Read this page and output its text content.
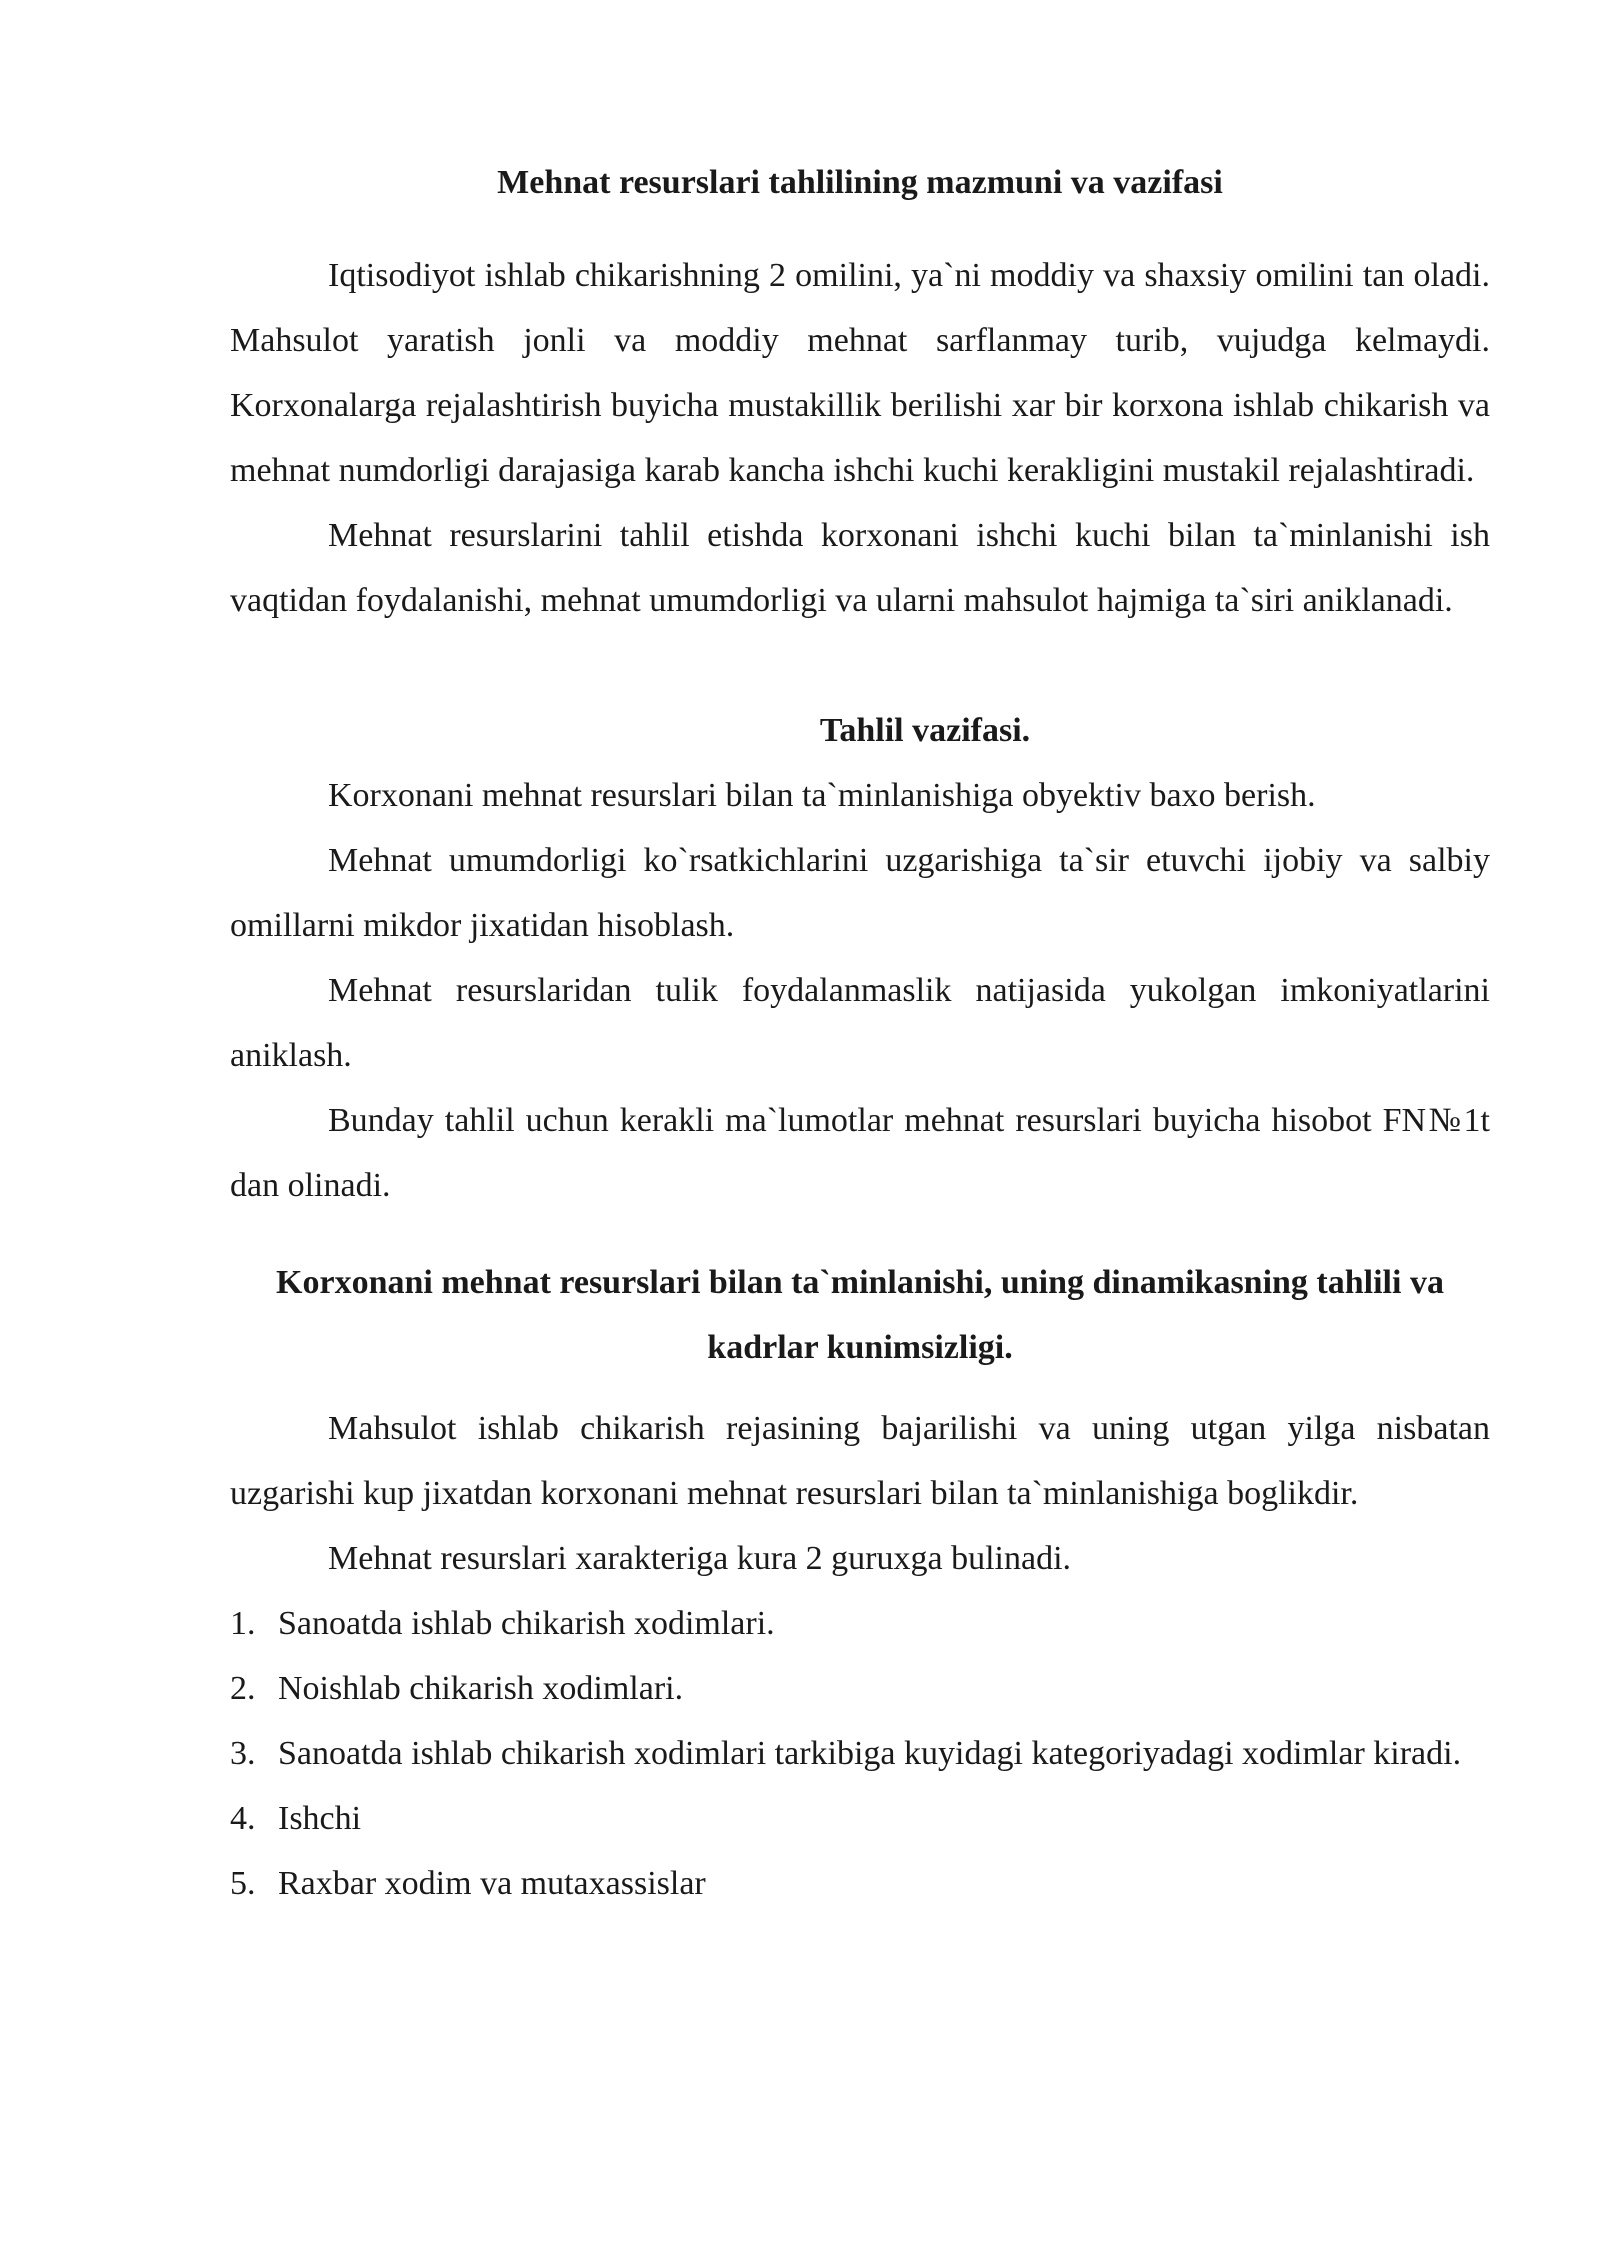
Mehnat resurslari tahlilining mazmuni va vazifasi

Iqtisodiyot ishlab chikarishning 2 omilini, ya`ni moddiy va shaxsiy omilini tan oladi. Mahsulot yaratish jonli va moddiy mehnat sarflanmay turib, vujudga kelmaydi. Korxonalarga rejalashtirish buyicha mustakillik berilishi xar bir korxona ishlab chikarish va mehnat numdorligi darajasiga karab kancha ishchi kuchi kerakligini mustakil rejalashtiradi.

Mehnat resurslarini tahlil etishda korxonani ishchi kuchi bilan ta`minlanishi ish vaqtidan foydalanishi, mehnat umumdorligi va ularni mahsulot hajmiga ta`siri aniklanadi.

Tahlil vazifasi.

Korxonani mehnat resurslari bilan ta`minlanishiga obyektiv baxo berish.

Mehnat umumdorligi ko`rsatkichlarini uzgarishiga ta`sir etuvchi ijobiy va salbiy omillarni mikdor jixatidan hisoblash.

Mehnat resurslaridan tulik foydalanmaslik natijasida yukolgan imkoniyatlarini aniklash.

Bunday tahlil uchun kerakli ma`lumotlar mehnat resurslari buyicha hisobot FN№1t dan olinadi.

Korxonani mehnat resurslari bilan ta`minlanishi, uning dinamikasning tahlili va kadrlar kunimsizligi.

Mahsulot ishlab chikarish rejasining bajarilishi va uning utgan yilga nisbatan uzgarishi kup jixatdan korxonani mehnat resurslari bilan ta`minlanishiga boglikdir.

Mehnat resurslari xarakteriga kura 2 guruxga bulinadi.

1. Sanoatda ishlab chikarish xodimlari.
2. Noishlab chikarish xodimlari.
3. Sanoatda ishlab chikarish xodimlari tarkibiga kuyidagi kategoriyadagi xodimlar kiradi.
4. Ishchi
5. Raxbar xodim va mutaxassislar
